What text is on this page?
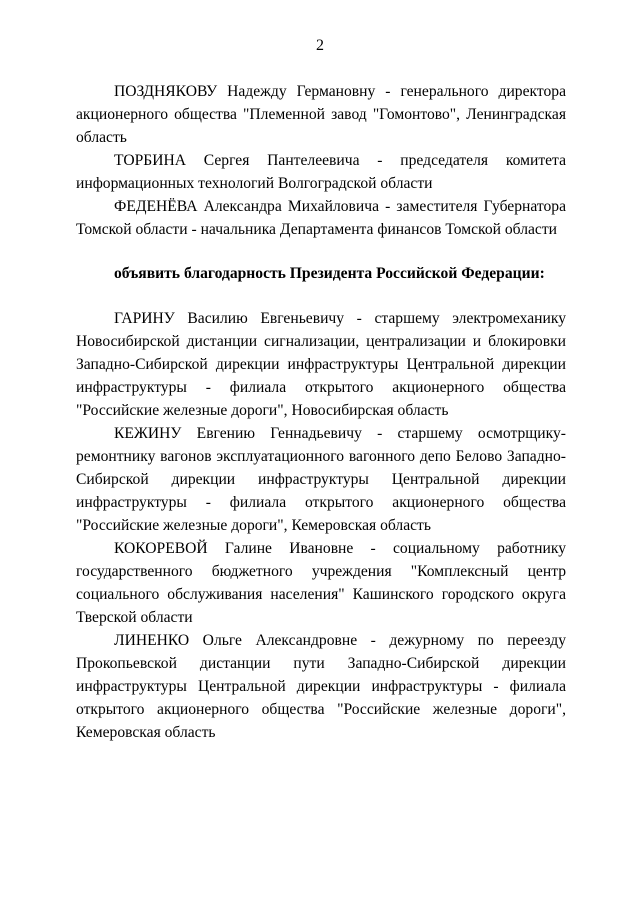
2

ПОЗДНЯКОВУ Надежду Германовну - генерального директора акционерного общества "Племенной завод "Гомонтово", Ленинградская область

ТОРБИНА Сергея Пантелеевича - председателя комитета информационных технологий Волгоградской области

ФЕДЕНЁВА Александра Михайловича - заместителя Губернатора Томской области - начальника Департамента финансов Томской области

объявить благодарность Президента Российской Федерации:

ГАРИНУ Василию Евгеньевичу - старшему электромеханику Новосибирской дистанции сигнализации, централизации и блокировки Западно-Сибирской дирекции инфраструктуры Центральной дирекции инфраструктуры - филиала открытого акционерного общества "Российские железные дороги", Новосибирская область

КЕЖИНУ Евгению Геннадьевичу - старшему осмотрщику-ремонтнику вагонов эксплуатационного вагонного депо Белово Западно-Сибирской дирекции инфраструктуры Центральной дирекции инфраструктуры - филиала открытого акционерного общества "Российские железные дороги", Кемеровская область

КОКОРЕВОЙ Галине Ивановне - социальному работнику государственного бюджетного учреждения "Комплексный центр социального обслуживания населения" Кашинского городского округа Тверской области

ЛИНЕНКО Ольге Александровне - дежурному по переезду Прокопьевской дистанции пути Западно-Сибирской дирекции инфраструктуры Центральной дирекции инфраструктуры - филиала открытого акционерного общества "Российские железные дороги", Кемеровская область
